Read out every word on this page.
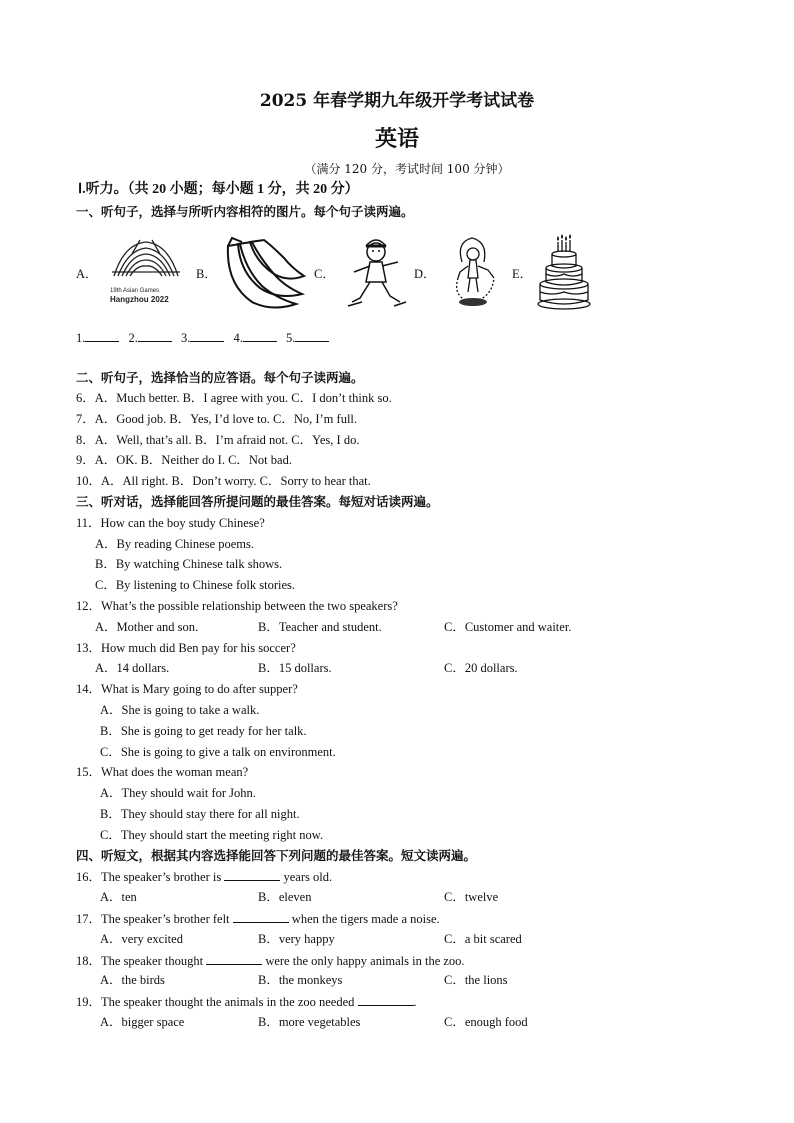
2025 年春学期九年级开学考试试卷
英语
（满分 120 分，考试时间 100 分钟）
Ⅰ.听力。（共 20 小题；每小题 1 分，共 20 分）
一、听句子，选择与所听内容相符的图片。每个句子读两遍。
A．
19th Asian Games
Hangzhou 2022
B．	C．	D．	E．
1.	2.	3.	4.	5.
二、听句子，选择恰当的应答语。每个句子读两遍。
6．A．Much better. B．I agree with you. C．I don’t think so.
7．A．Good job. B．Yes, I’d love to. C．No, I’m full.
8．A．Well, that’s all. B．I’m afraid not. C．Yes, I do.
9．A．OK. B．Neither do I. C．Not bad.
10．A．All right. B．Don’t worry. C．Sorry to hear that.
三、听对话，选择能回答所提问题的最佳答案。每短对话读两遍。
11．How can the boy study Chinese?
A．By reading Chinese poems.
B．By watching Chinese talk shows.
C．By listening to Chinese folk stories.
12．What’s the possible relationship between the two speakers?
A．Mother and son.	B．Teacher and student.	C．Customer and waiter.
13．How much did Ben pay for his soccer?
A．14 dollars.	B．15 dollars.	C．20 dollars.
14．What is Mary going to do after supper?
A．She is going to take a walk.
B．She is going to get ready for her talk.
C．She is going to give a talk on environment.
15．What does the woman mean?
A．They should wait for John.
B．They should stay there for all night.
C．They should start the meeting right now.
四、听短文，根据其内容选择能回答下列问题的最佳答案。短文读两遍。
16．The speaker’s brother is	years old.
A．ten	B．eleven	C．twelve
17．The speaker’s brother felt	when the tigers made a noise.
A．very excited	B．very happy	C．a bit scared
18．The speaker thought	were the only happy animals in the zoo.
A．the birds	B．the monkeys	C．the lions
19．The speaker thought the animals in the zoo needed	.
A．bigger space	B．more vegetables	C．enough food
